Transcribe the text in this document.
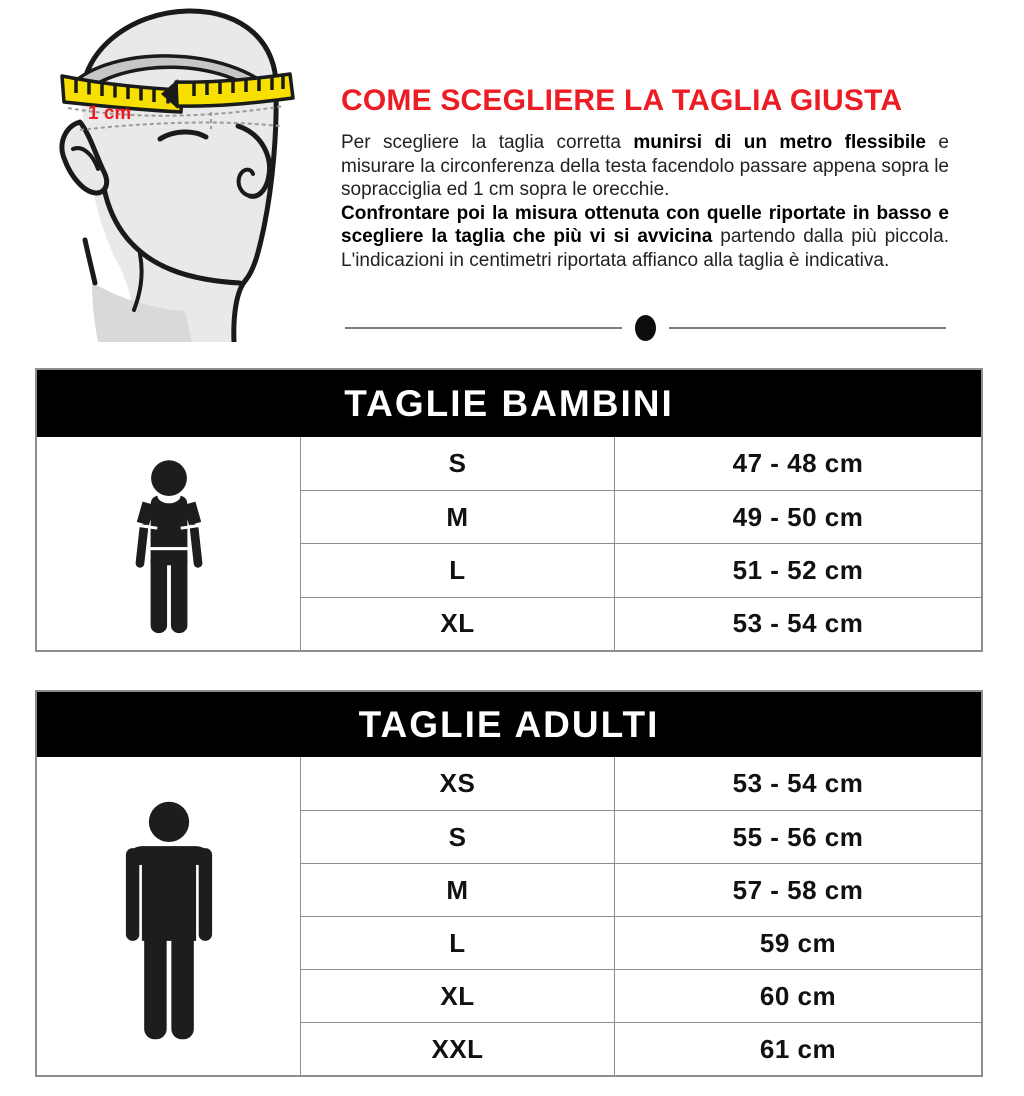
1 cm	COME SCEGLIERE LA TAGLIA GIUSTA

Per scegliere la taglia corretta munirsi di un metro flessibile e misurare la circonferenza della testa facendolo passare appena sopra le sopracciglia ed 1 cm sopra le orecchie.

Confrontare poi la misura ottenuta con quelle riportate in basso e scegliere la taglia che più vi si avvicina partendo dalla più piccola. L'indicazioni in centimetri riportata affianco alla taglia è indicativa.

TAGLIE BAMBINI
S	47 - 48 cm
M	49 - 50 cm
L	51 - 52 cm
XL	53 - 54 cm
TAGLIE ADULTI
XS	53 - 54 cm
S	55 - 56 cm
M	57 - 58 cm
L	59 cm
XL	60 cm
XXL	61 cm
